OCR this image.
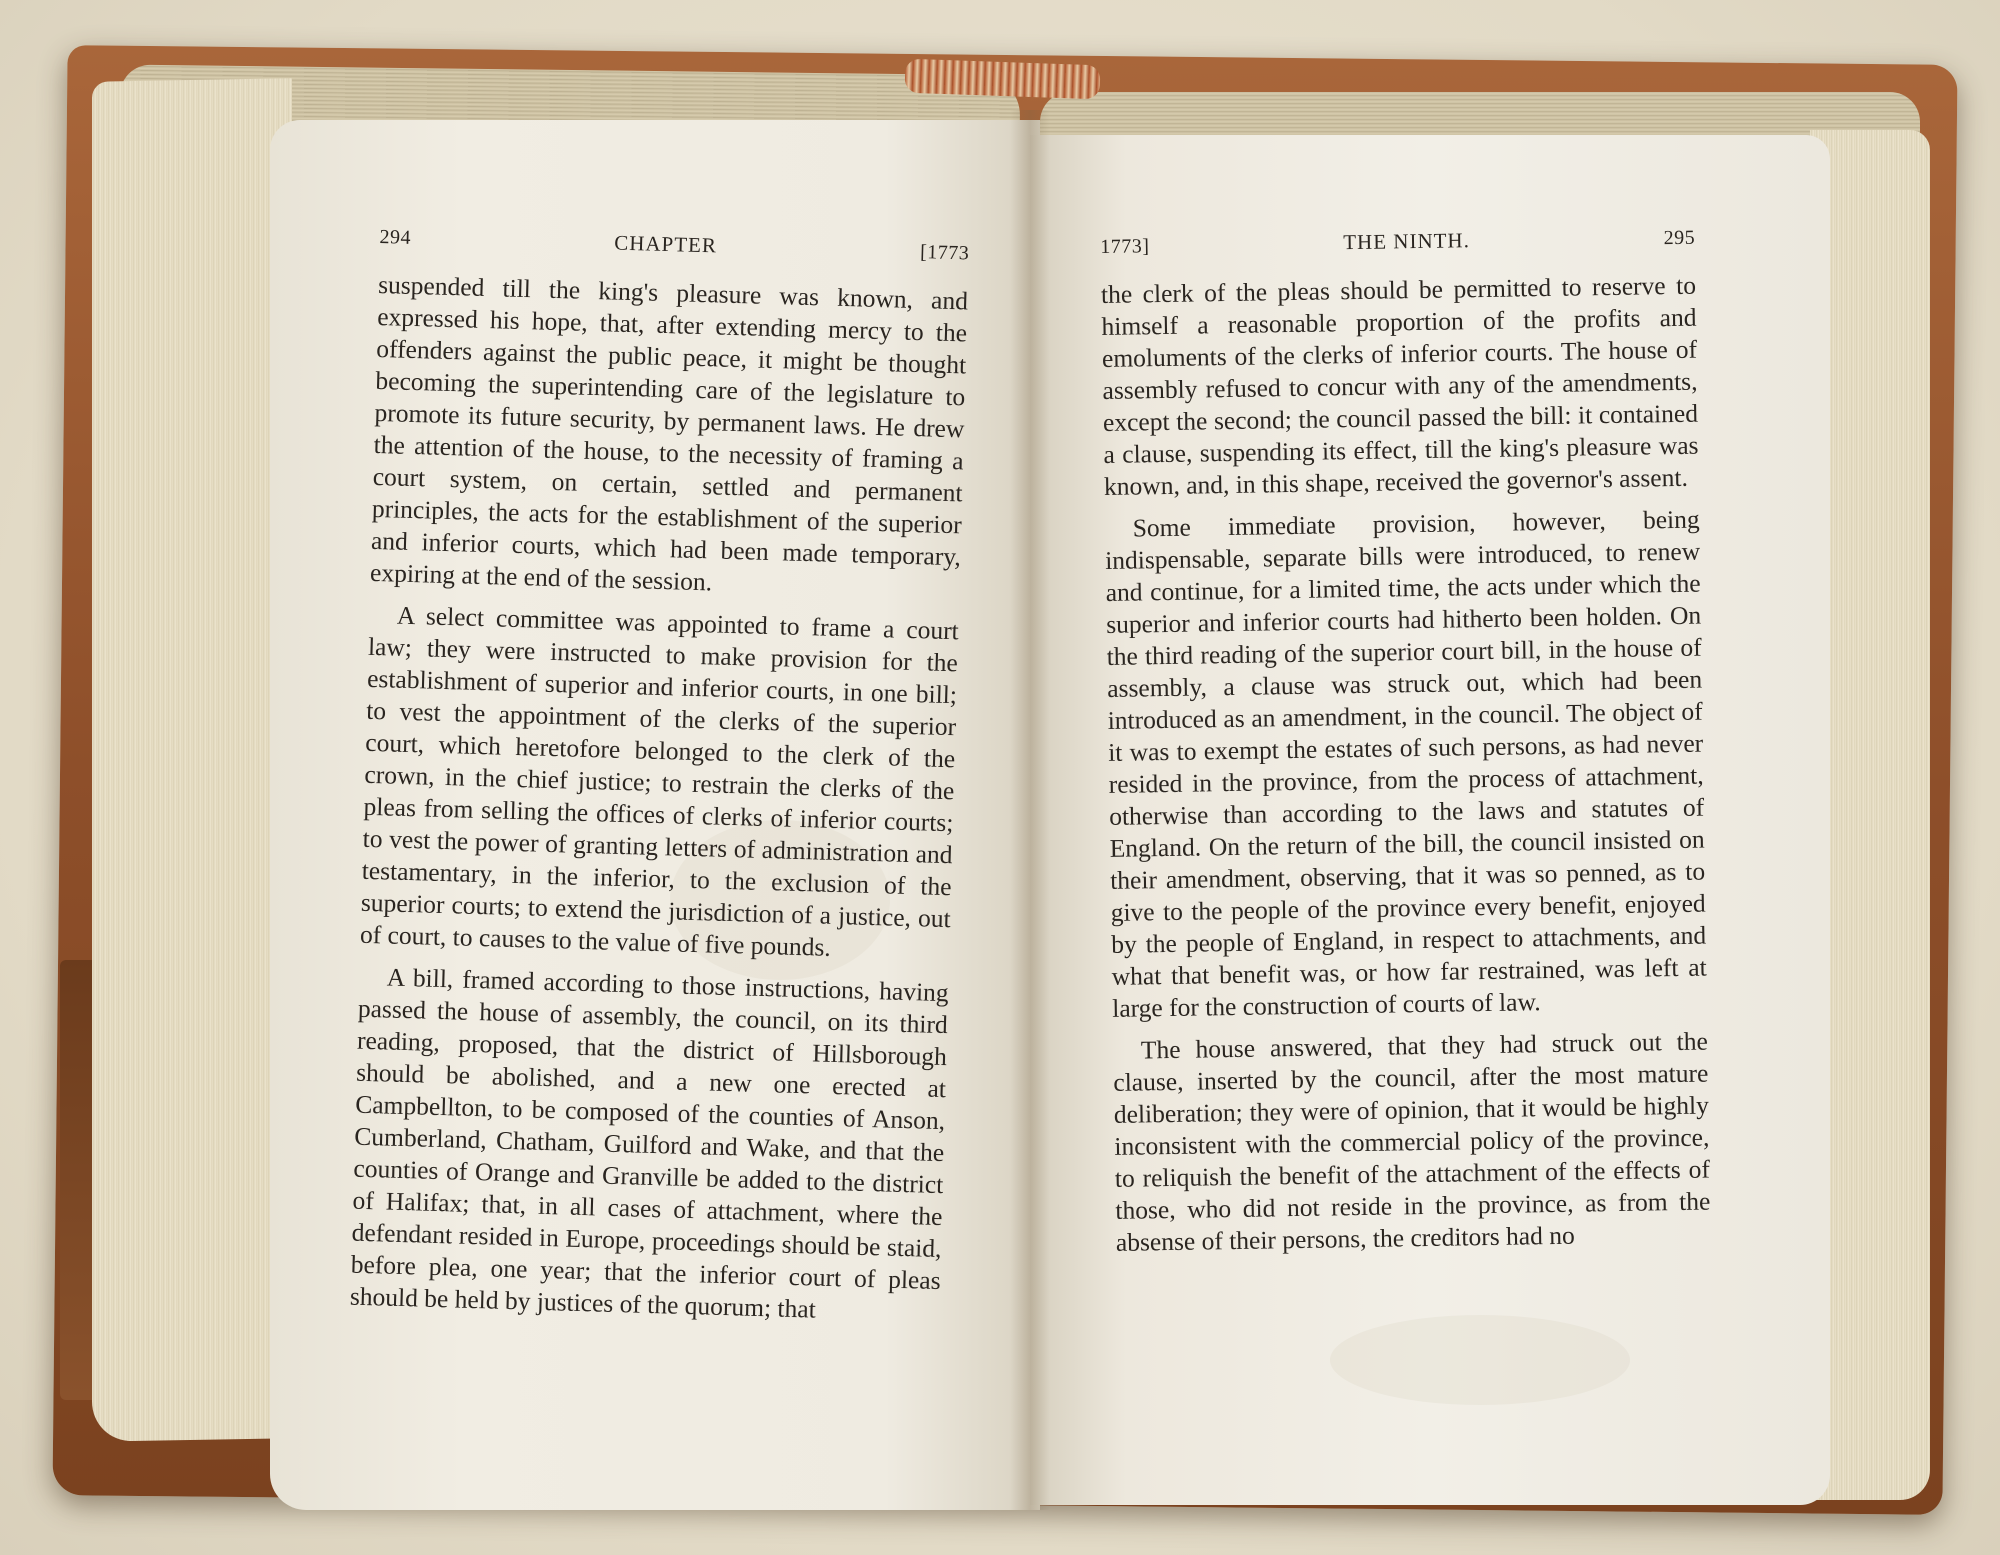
294	CHAPTER	[1773

suspended till the king's pleasure was known, and expressed his hope, that, after extending mercy to the offenders against the public peace, it might be thought becoming the superintending care of the legislature to promote its future security, by permanent laws. He drew the attention of the house, to the necessity of framing a court system, on certain, settled and permanent principles, the acts for the establishment of the superior and inferior courts, which had been made temporary, expiring at the end of the session.

A select committee was appointed to frame a court law; they were instructed to make provision for the establishment of superior and inferior courts, in one bill; to vest the appointment of the clerks of the superior court, which heretofore belonged to the clerk of the crown, in the chief justice; to restrain the clerks of the pleas from selling the offices of clerks of inferior courts; to vest the power of granting letters of administration and testamentary, in the inferior, to the exclusion of the superior courts; to extend the jurisdiction of a justice, out of court, to causes to the value of five pounds.

A bill, framed according to those instructions, having passed the house of assembly, the council, on its third reading, proposed, that the district of Hillsborough should be abolished, and a new one erected at Campbellton, to be composed of the counties of Anson, Cumberland, Chatham, Guilford and Wake, and that the counties of Orange and Granville be added to the district of Halifax; that, in all cases of attachment, where the defendant resided in Europe, proceedings should be staid, before plea, one year; that the inferior court of pleas should be held by justices of the quorum; that

1773]	THE NINTH.	295

the clerk of the pleas should be permitted to reserve to himself a reasonable proportion of the profits and emoluments of the clerks of inferior courts. The house of assembly refused to concur with any of the amendments, except the second; the council passed the bill: it contained a clause, suspending its effect, till the king's pleasure was known, and, in this shape, received the governor's assent.

Some immediate provision, however, being indispensable, separate bills were introduced, to renew and continue, for a limited time, the acts under which the superior and inferior courts had hitherto been holden. On the third reading of the superior court bill, in the house of assembly, a clause was struck out, which had been introduced as an amendment, in the council. The object of it was to exempt the estates of such persons, as had never resided in the province, from the process of attachment, otherwise than according to the laws and statutes of England. On the return of the bill, the council insisted on their amendment, observing, that it was so penned, as to give to the people of the province every benefit, enjoyed by the people of England, in respect to attachments, and what that benefit was, or how far restrained, was left at large for the construction of courts of law.

The house answered, that they had struck out the clause, inserted by the council, after the most mature deliberation; they were of opinion, that it would be highly inconsistent with the commercial policy of the province, to reliquish the benefit of the attachment of the effects of those, who did not reside in the province, as from the absense of their persons, the creditors had no
